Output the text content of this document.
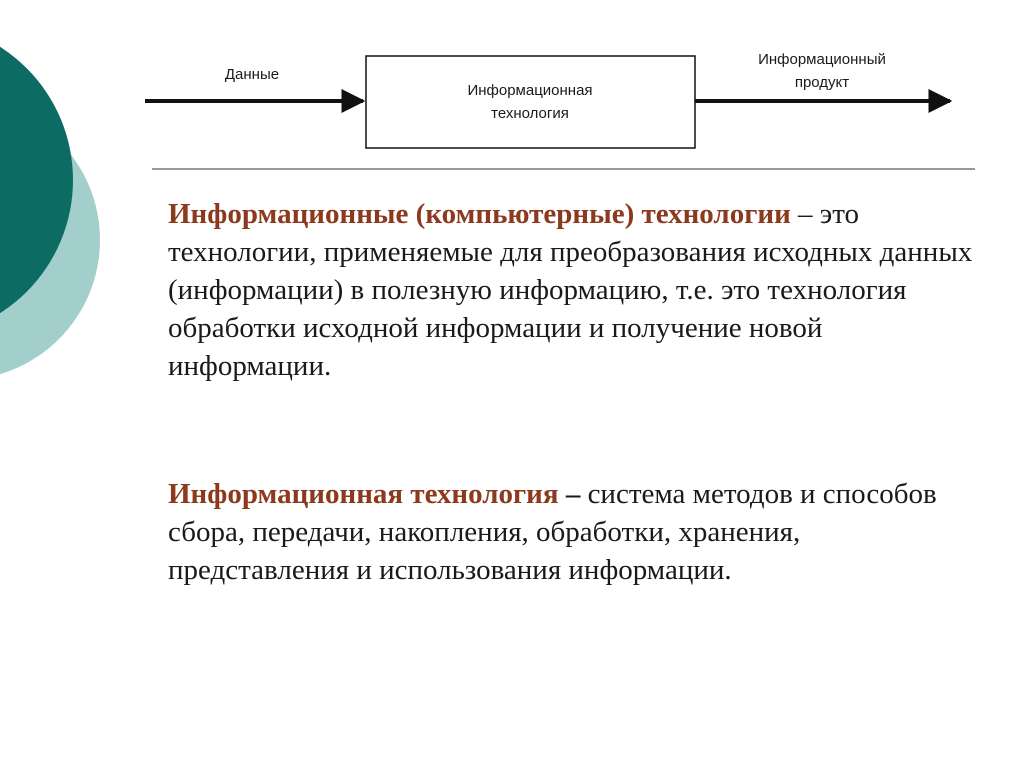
Данные
Информационная
технология
Информационный
продукт

Информационные (компьютерные) технологии – это технологии, применяемые для преобразования исходных данных (информации) в полезную информацию, т.е. это технология обработки исходной информации и получение новой информации.

Информационная технология – система методов и способов сбора, передачи, накопления, обработки, хранения, представления и использования информации.
